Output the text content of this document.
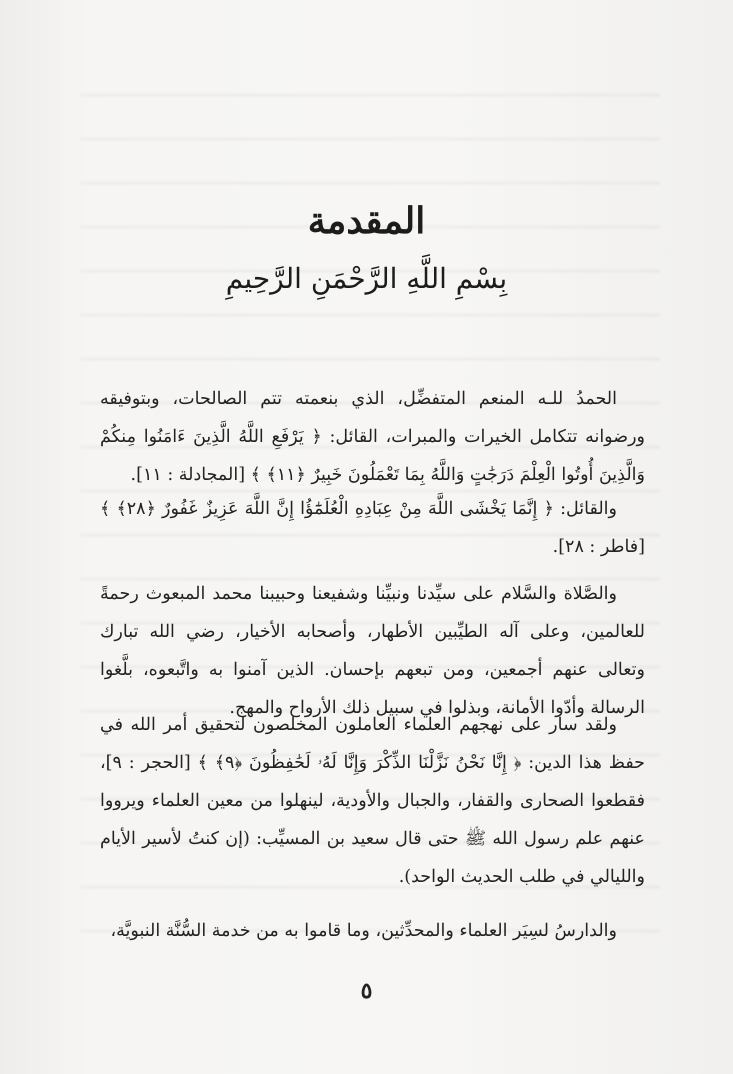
المقدمة
بِسْمِ اللَّهِ الرَّحْمَنِ الرَّحِيمِ
الحمدُ للـه المنعم المتفضِّل، الذي بنعمته تتم الصالحات، وبتوفيقه ورضوانه تتكامل الخيرات والمبرات، القائل: ﴿ يَرْفَعِ اللَّهُ الَّذِينَ ءَامَنُوا مِنكُمْ وَالَّذِينَ أُوتُوا الْعِلْمَ دَرَجَٰتٍ وَاللَّهُ بِمَا تَعْمَلُونَ خَبِيرٌ ﴿١١﴾ ﴾ [المجادلة : ١١].
والقائل: ﴿ إِنَّمَا يَخْشَى اللَّهَ مِنْ عِبَادِهِ الْعُلَمَٰٓؤُا إِنَّ اللَّهَ عَزِيزٌ غَفُورٌ ﴿٢٨﴾ ﴾ [فاطر : ٢٨].
والصَّلاة والسَّلام على سيِّدنا ونبيِّنا وشفيعنا وحبيبنا محمد المبعوث رحمةً للعالمين، وعلى آله الطيِّبين الأطهار، وأصحابه الأخيار، رضي الله تبارك وتعالى عنهم أجمعين، ومن تبعهم بإحسان. الذين آمنوا به واتَّبعوه، بلَّغوا الرسالة وأدّوا الأمانة، وبذلوا في سبيل ذلك الأرواح والمهج.
ولقد سار على نهجهم العلماء العاملون المخلصون لتحقيق أمر الله في حفظ هذا الدين: ﴿ إِنَّا نَحْنُ نَزَّلْنَا الذِّكْرَ وَإِنَّا لَهُۥ لَحَٰفِظُونَ ﴿٩﴾ ﴾ [الحجر : ٩]، فقطعوا الصحارى والقفار، والجبال والأودية، لينهلوا من معين العلماء ويرووا عنهم علم رسول الله ﷺ حتى قال سعيد بن المسيِّب: (إن كنتُ لأسير الأيام والليالي في طلب الحديث الواحد).
والدارسُ لسِيَر العلماء والمحدِّثين، وما قاموا به من خدمة السُّنَّة النبويَّة،
٥
